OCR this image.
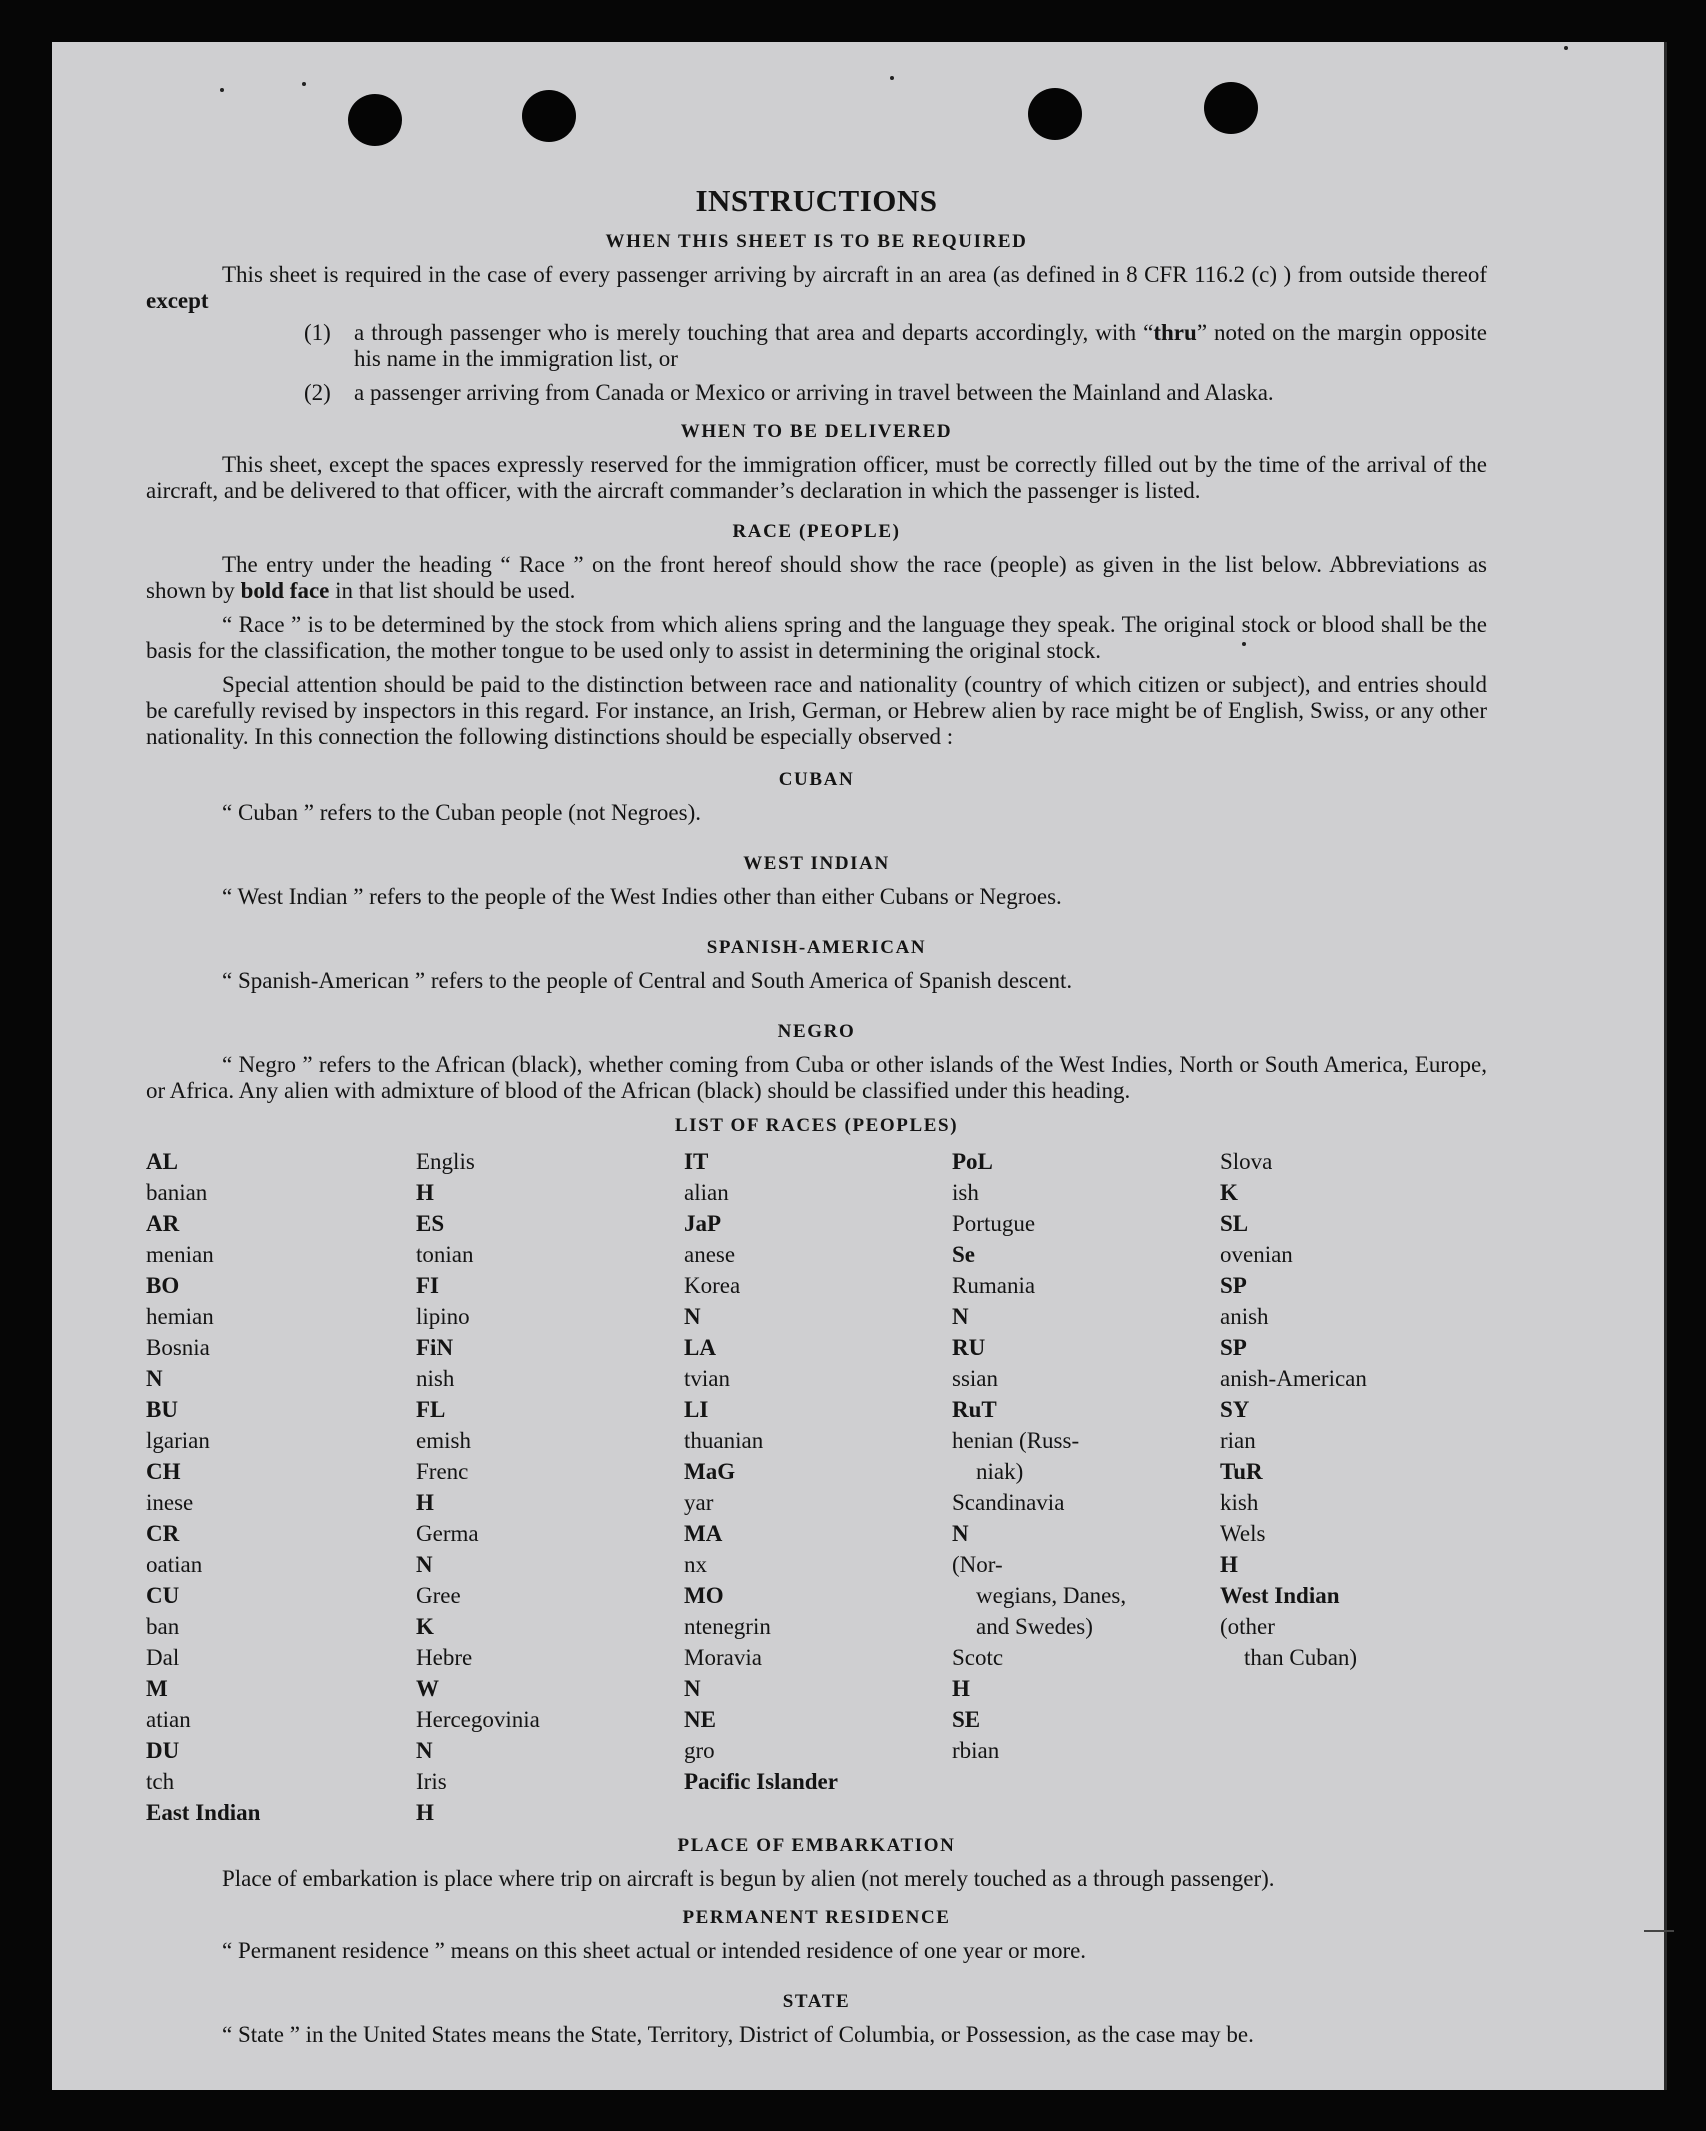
INSTRUCTIONS
WHEN THIS SHEET IS TO BE REQUIRED

This sheet is required in the case of every passenger arriving by aircraft in an area (as defined in 8 CFR 116.2 (c) ) from outside thereof except

(1)	a through passenger who is merely touching that area and departs accordingly, with “thru” noted on the margin opposite his name in the immigration list, or
(2)	a passenger arriving from Canada or Mexico or arriving in travel between the Mainland and Alaska.
WHEN TO BE DELIVERED

This sheet, except the spaces expressly reserved for the immigration officer, must be correctly filled out by the time of the arrival of the aircraft, and be delivered to that officer, with the aircraft commander’s declaration in which the passenger is listed.

RACE (PEOPLE)

The entry under the heading “ Race ” on the front hereof should show the race (people) as given in the list below. Abbreviations as shown by bold face in that list should be used.

“ Race ” is to be determined by the stock from which aliens spring and the language they speak. The original stock or blood shall be the basis for the classification, the mother tongue to be used only to assist in determining the original stock.

Special attention should be paid to the distinction between race and nationality (country of which citizen or subject), and entries should be carefully revised by inspectors in this regard. For instance, an Irish, German, or Hebrew alien by race might be of English, Swiss, or any other nationality. In this connection the following distinctions should be especially observed :

CUBAN

“ Cuban ” refers to the Cuban people (not Negroes).

WEST INDIAN

“ West Indian ” refers to the people of the West Indies other than either Cubans or Negroes.

SPANISH-AMERICAN

“ Spanish-American ” refers to the people of Central and South America of Spanish descent.

NEGRO

“ Negro ” refers to the African (black), whether coming from Cuba or other islands of the West Indies, North or South America, Europe, or Africa. Any alien with admixture of blood of the African (black) should be classified under this heading.

LIST OF RACES (PEOPLES)
AL
banian
AR
menian
BO
hemian
Bosnia
N
BU
lgarian
CH
inese
CR
oatian
CU
ban
Dal
M
atian
DU
tch
East Indian
Englis
H
ES
tonian
FI
lipino
FiN
nish
FL
emish
Frenc
H
Germa
N
Gree
K
Hebre
W
Hercegovinia
N
Iris
H
IT
alian
JaP
anese
Korea
N
LA
tvian
LI
thuanian
MaG
yar
MA
nx
MO
ntenegrin
Moravia
N
NE
gro
Pacific Islander
PoL
ish
Portugue
Se
Rumania
N
RU
ssian
RuT
henian (Russ-
niak)
Scandinavia
N
(Nor-
wegians, Danes,
and Swedes)
Scotc
H
SE
rbian
Slova
K
SL
ovenian
SP
anish
SP
anish-American
SY
rian
TuR
kish
Wels
H
West Indian
(other
than Cuban)
PLACE OF EMBARKATION

Place of embarkation is place where trip on aircraft is begun by alien (not merely touched as a through passenger).

PERMANENT RESIDENCE

“ Permanent residence ” means on this sheet actual or intended residence of one year or more.

STATE

“ State ” in the United States means the State, Territory, District of Columbia, or Possession, as the case may be.
